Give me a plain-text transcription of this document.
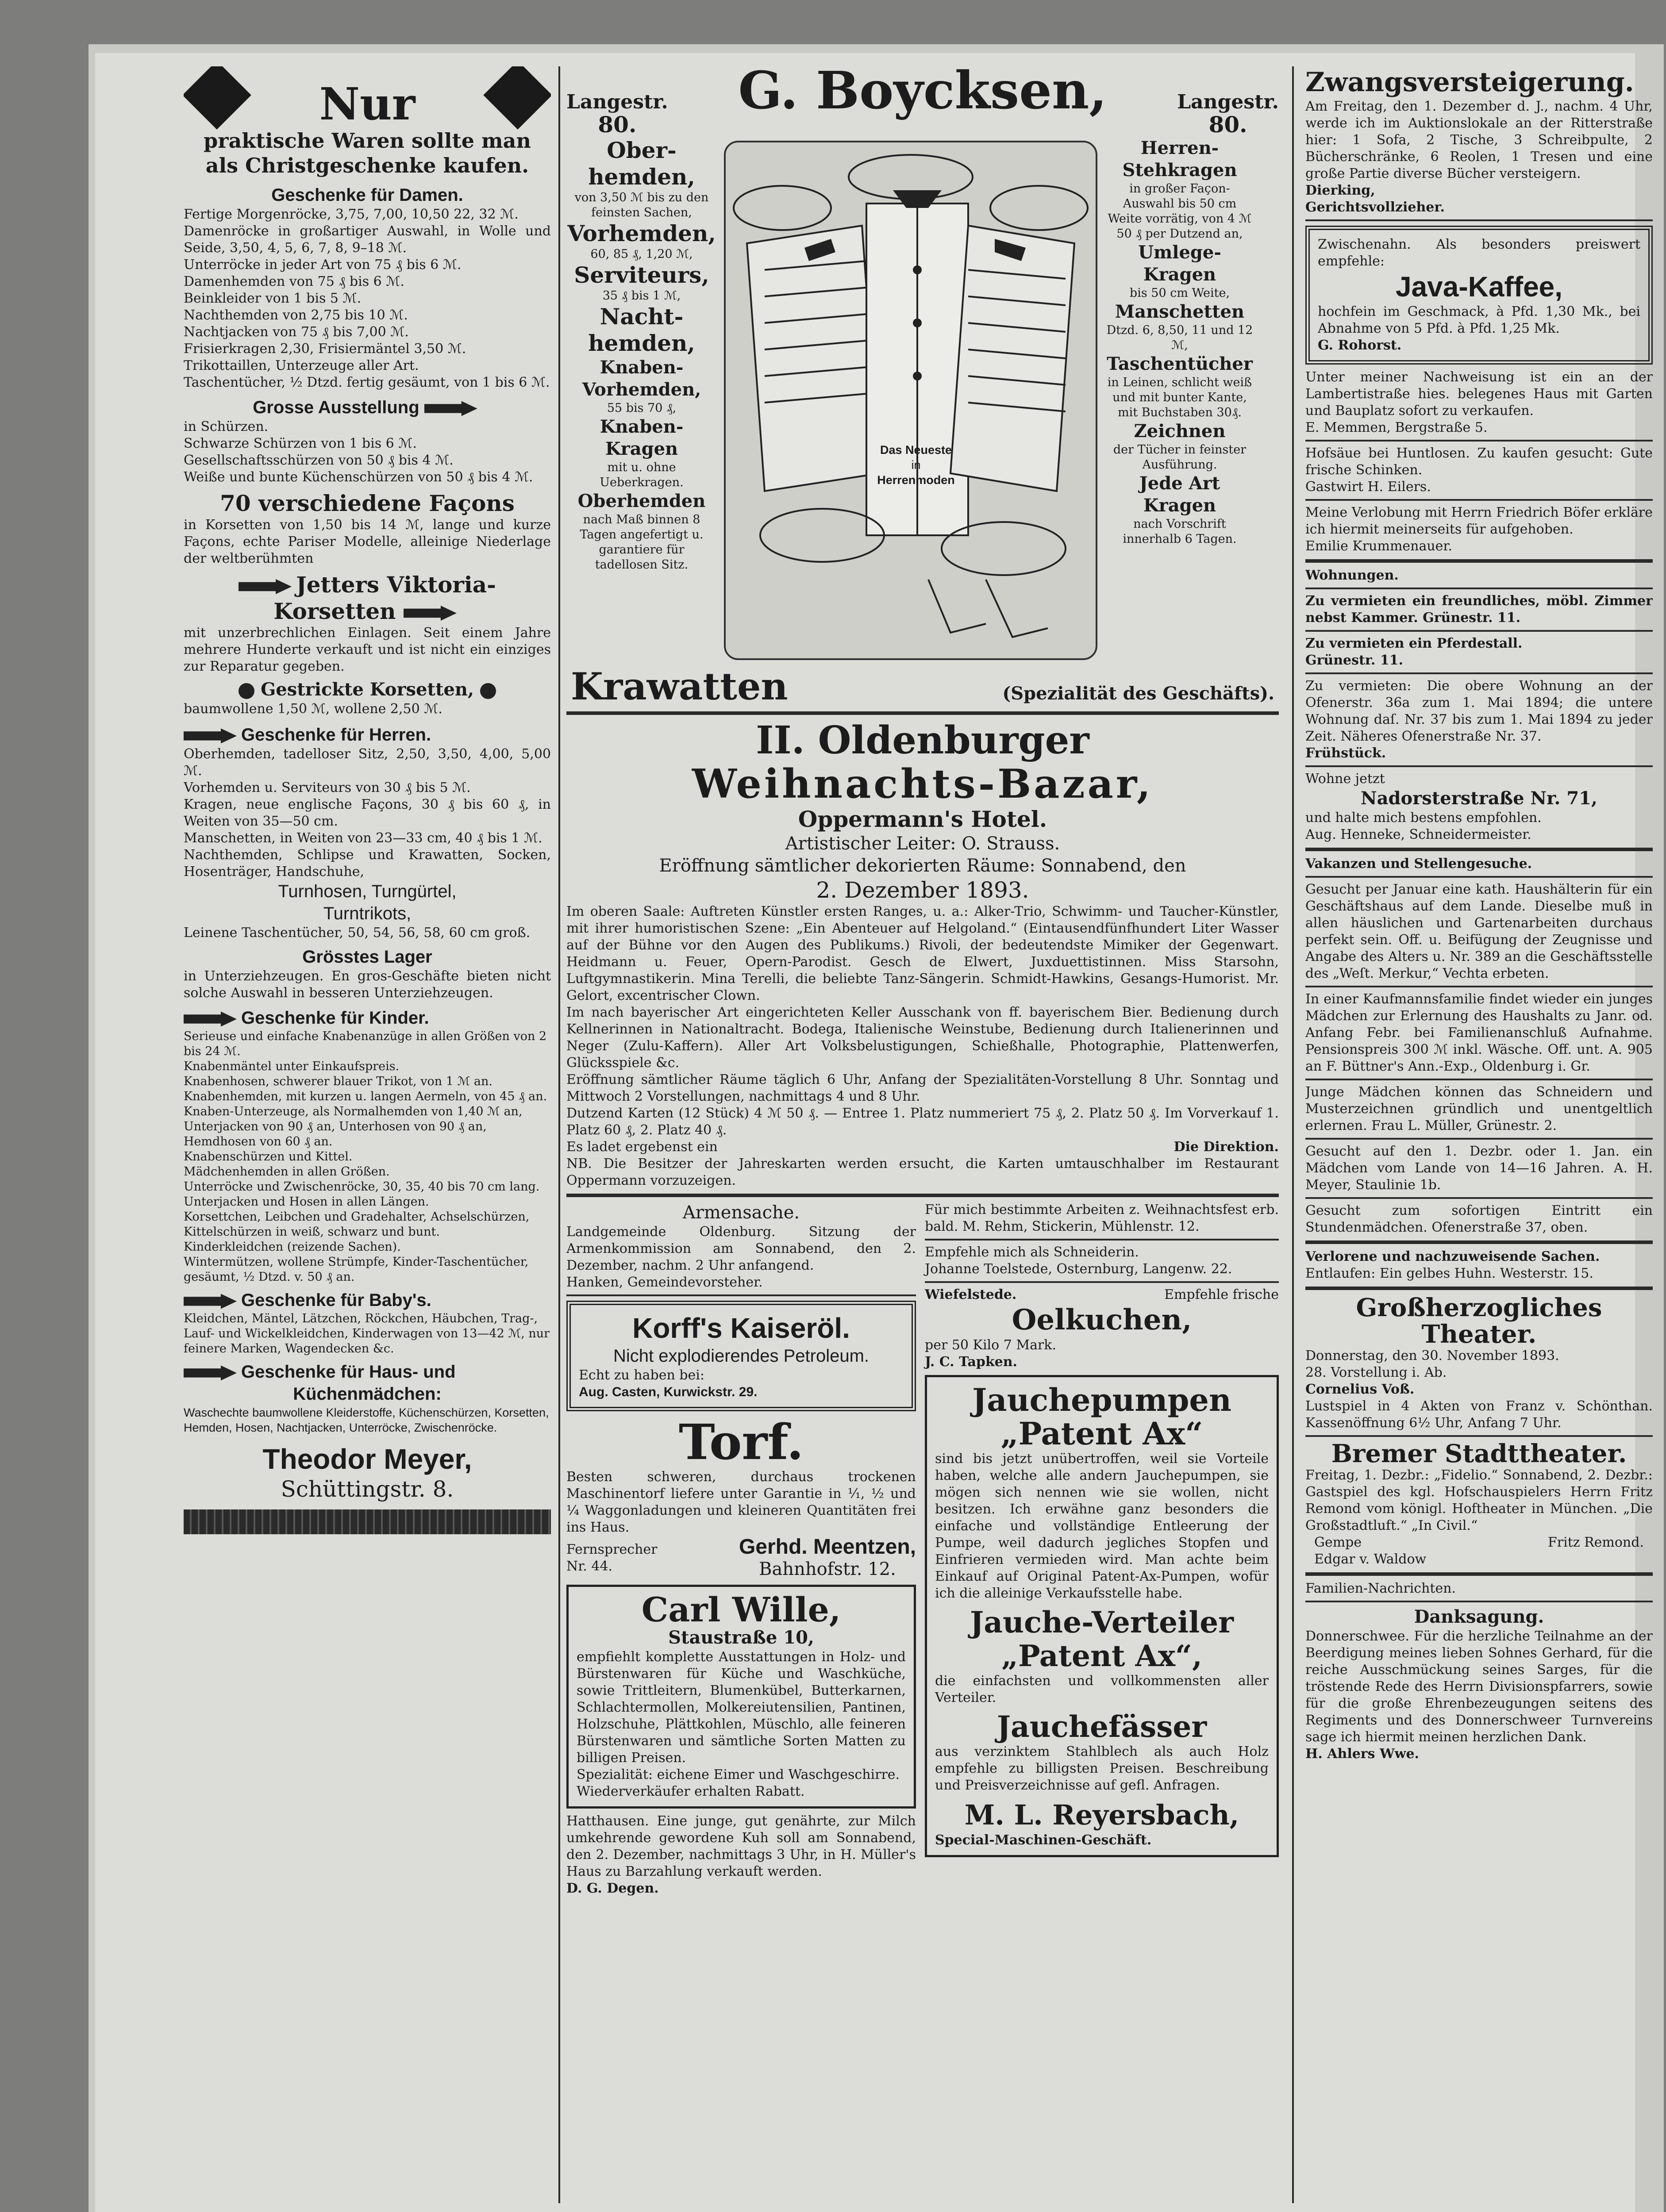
Nur

praktische Waren sollte man

als Christgeschenke kaufen.

Geschenke für Damen.

Fertige Morgenröcke, 3,75, 7,00, 10,50 22, 32 ℳ.

Damenröcke in großartiger Auswahl, in Wolle und Seide, 3,50, 4, 5, 6, 7, 8, 9–18 ℳ.

Unterröcke in jeder Art von 75 ₰ bis 6 ℳ.

Damenhemden von 75 ₰ bis 6 ℳ.

Beinkleider von 1 bis 5 ℳ.

Nachthemden von 2,75 bis 10 ℳ.

Nachtjacken von 75 ₰ bis 7,00 ℳ.

Frisierkragen 2,30, Frisiermäntel 3,50 ℳ.

Trikottaillen, Unterzeuge aller Art.

Taschentücher, ½ Dtzd. fertig gesäumt, von 1 bis 6 ℳ.

Grosse Ausstellung

in Schürzen.

Schwarze Schürzen von 1 bis 6 ℳ.

Gesellschaftsschürzen von 50 ₰ bis 4 ℳ.

Weiße und bunte Küchenschürzen von 50 ₰ bis 4 ℳ.

70 verschiedene Façons

in Korsetten von 1,50 bis 14 ℳ, lange und kurze Façons, echte Pariser Modelle, alleinige Niederlage der weltberühmten

Jetters Viktoria-

Korsetten

mit unzerbrechlichen Einlagen. Seit einem Jahre mehrere Hunderte verkauft und ist nicht ein einziges zur Reparatur gegeben.

Gestrickte Korsetten,

baumwollene 1,50 ℳ, wollene 2,50 ℳ.

Geschenke für Herren.

Oberhemden, tadelloser Sitz, 2,50, 3,50, 4,00, 5,00 ℳ.

Vorhemden u. Serviteurs von 30 ₰ bis 5 ℳ.

Kragen, neue englische Façons, 30 ₰ bis 60 ₰, in Weiten von 35—50 cm.

Manschetten, in Weiten von 23—33 cm, 40 ₰ bis 1 ℳ.

Nachthemden, Schlipse und Krawatten, Socken, Hosenträger, Handschuhe,

Turnhosen, Turngürtel,

Turntrikots,

Leinene Taschentücher, 50, 54, 56, 58, 60 cm groß.

Grösstes Lager

in Unterziehzeugen. En gros-Geschäfte bieten nicht solche Auswahl in besseren Unterziehzeugen.

Geschenke für Kinder.

Serieuse und einfache Knabenanzüge in allen Größen von 2 bis 24 ℳ.

Knabenmäntel unter Einkaufspreis.

Knabenhosen, schwerer blauer Trikot, von 1 ℳ an.

Knabenhemden, mit kurzen u. langen Aermeln, von 45 ₰ an.

Knaben-Unterzeuge, als Normalhemden von 1,40 ℳ an, Unterjacken von 90 ₰ an, Unterhosen von 90 ₰ an, Hemdhosen von 60 ₰ an.

Knabenschürzen und Kittel.

Mädchenhemden in allen Größen.

Unterröcke und Zwischenröcke, 30, 35, 40 bis 70 cm lang.

Unterjacken und Hosen in allen Längen.

Korsettchen, Leibchen und Gradehalter, Achselschürzen, Kittelschürzen in weiß, schwarz und bunt.

Kinderkleidchen (reizende Sachen).

Wintermützen, wollene Strümpfe, Kinder-Taschentücher, gesäumt, ½ Dtzd. v. 50 ₰ an.

Geschenke für Baby's.

Kleidchen, Mäntel, Lätzchen, Röckchen, Häubchen, Trag-, Lauf- und Wickelkleidchen, Kinderwagen von 13—42 ℳ, nur feinere Marken, Wagendecken &c.

Geschenke für Haus- und

Küchenmädchen:

Waschechte baumwollene Kleiderstoffe, Küchenschürzen, Korsetten, Hemden, Hosen, Nachtjacken, Unterröcke, Zwischenröcke.

Theodor Meyer,

Schüttingstr. 8.

Langestr.

80.

G. Boycksen,	Langestr.

80.

Ober-

hemden,

von 3,50 ℳ bis zu den feinsten Sachen,

Vorhemden,

60, 85 ₰, 1,20 ℳ,

Serviteurs,

35 ₰ bis 1 ℳ,

Nacht-

hemden,

Knaben-

Vorhemden,

55 bis 70 ₰,

Knaben-Kragen

mit u. ohne Ueberkragen.

Oberhemden

nach Maß binnen 8 Tagen angefertigt u. garantiere für tadellosen Sitz.

Herren-

Stehkragen

in großer Façon-Auswahl bis 50 cm Weite vorrätig, von 4 ℳ 50 ₰ per Dutzend an,

Umlege-Kragen

bis 50 cm Weite,

Manschetten

Dtzd. 6, 8,50, 11 und 12 ℳ,

Taschentücher

in Leinen, schlicht weiß und mit bunter Kante, mit Buchstaben 30₰.

Zeichnen

der Tücher in feinster Ausführung.

Jede Art

Kragen

nach Vorschrift innerhalb 6 Tagen.

Das Neueste

in

Herrenmoden

Krawatten	(Spezialität des Geschäfts).

II. Oldenburger

Weihnachts-Bazar,

Oppermann's Hotel.

Artistischer Leiter: O. Strauss.

Eröffnung sämtlicher dekorierten Räume: Sonnabend, den

2. Dezember 1893.

Im oberen Saale: Auftreten Künstler ersten Ranges, u. a.: Alker-Trio, Schwimm- und Taucher-Künstler, mit ihrer humoristischen Szene: „Ein Abenteuer auf Helgoland.“ (Eintausendfünfhundert Liter Wasser auf der Bühne vor den Augen des Publikums.) Rivoli, der bedeutendste Mimiker der Gegenwart. Heidmann u. Feuer, Opern-Parodist. Gesch de Elwert, Juxduettistinnen. Miss Starsohn, Luftgymnastikerin. Mina Terelli, die beliebte Tanz-Sängerin. Schmidt-Hawkins, Gesangs-Humorist. Mr. Gelort, excentrischer Clown.

Im nach bayerischer Art eingerichteten Keller Ausschank von ff. bayerischem Bier. Bedienung durch Kellnerinnen in Nationaltracht. Bodega, Italienische Weinstube, Bedienung durch Italienerinnen und Neger (Zulu-Kaffern). Aller Art Volksbelustigungen, Schießhalle, Photographie, Plattenwerfen, Glücksspiele &c.

Eröffnung sämtlicher Räume täglich 6 Uhr, Anfang der Spezialitäten-Vorstellung 8 Uhr. Sonntag und Mittwoch 2 Vorstellungen, nachmittags 4 und 8 Uhr.

Dutzend Karten (12 Stück) 4 ℳ 50 ₰. — Entree 1. Platz nummeriert 75 ₰, 2. Platz 50 ₰. Im Vorverkauf 1. Platz 60 ₰, 2. Platz 40 ₰.

Es ladet ergebenst ein	Die Direktion.

NB. Die Besitzer der Jahreskarten werden ersucht, die Karten umtauschhalber im Restaurant Oppermann vorzuzeigen.

Armensache.

Landgemeinde Oldenburg. Sitzung der Armenkommission am Sonnabend, den 2. Dezember, nachm. 2 Uhr anfangend.

Hanken, Gemeindevorsteher.

Korff's Kaiseröl.

Nicht explodierendes Petroleum.

Echt zu haben bei:

Aug. Casten, Kurwickstr. 29.

Torf.

Besten schweren, durchaus trockenen Maschinentorf liefere unter Garantie in ¹⁄₁, ½ und ¼ Waggonladungen und kleineren Quantitäten frei ins Haus.

Fernsprecher

Nr. 44.

Gerhd. Meentzen,

Bahnhofstr. 12.

Carl Wille,

Staustraße 10,

empfiehlt komplette Ausstattungen in Holz- und Bürstenwaren für Küche und Waschküche, sowie Trittleitern, Blumenkübel, Butterkarnen, Schlachtermollen, Molkereiutensilien, Pantinen, Holzschuhe, Plättkohlen, Müschlo, alle feineren Bürstenwaren und sämtliche Sorten Matten zu billigen Preisen.

Spezialität: eichene Eimer und Waschgeschirre.

Wiederverkäufer erhalten Rabatt.

Hatthausen. Eine junge, gut genährte, zur Milch umkehrende gewordene Kuh soll am Sonnabend, den 2. Dezember, nachmittags 3 Uhr, in H. Müller's Haus zu Barzahlung verkauft werden.

D. G. Degen.

Für mich bestimmte Arbeiten z. Weihnachtsfest erb. bald. M. Rehm, Stickerin, Mühlenstr. 12.

Empfehle mich als Schneiderin.

Johanne Toelstede, Osternburg, Langenw. 22.

Wiefelstede.	Empfehle frische

Oelkuchen,

per 50 Kilo 7 Mark.

J. C. Tapken.

Jauchepumpen

„Patent Ax“

sind bis jetzt unübertroffen, weil sie Vorteile haben, welche alle andern Jauchepumpen, sie mögen sich nennen wie sie wollen, nicht besitzen. Ich erwähne ganz besonders die einfache und vollständige Entleerung der Pumpe, weil dadurch jegliches Stopfen und Einfrieren vermieden wird. Man achte beim Einkauf auf Original Patent-Ax-Pumpen, wofür ich die alleinige Verkaufsstelle habe.

Jauche-Verteiler

„Patent Ax“,

die einfachsten und vollkommensten aller Verteiler.

Jauchefässer

aus verzinktem Stahlblech als auch Holz empfehle zu billigsten Preisen. Beschreibung und Preisverzeichnisse auf gefl. Anfragen.

M. L. Reyersbach,

Special-Maschinen-Geschäft.

Zwangsversteigerung.

Am Freitag, den 1. Dezember d. J., nachm. 4 Uhr, werde ich im Auktionslokale an der Ritterstraße hier: 1 Sofa, 2 Tische, 3 Schreibpulte, 2 Bücherschränke, 6 Reolen, 1 Tresen und eine große Partie diverse Bücher versteigern.

Dierking,

Gerichtsvollzieher.

Zwischenahn. Als besonders preiswert empfehle:

Java-Kaffee,

hochfein im Geschmack, à Pfd. 1,30 Mk., bei Abnahme von 5 Pfd. à Pfd. 1,25 Mk.

G. Rohorst.

Unter meiner Nachweisung ist ein an der Lambertistraße hies. belegenes Haus mit Garten und Bauplatz sofort zu verkaufen.

E. Memmen, Bergstraße 5.

Hofsäue bei Huntlosen. Zu kaufen gesucht: Gute frische Schinken.

Gastwirt H. Eilers.

Meine Verlobung mit Herrn Friedrich Böfer erkläre ich hiermit meinerseits für aufgehoben.

Emilie Krummenauer.

Wohnungen.

Zu vermieten ein freundliches, möbl. Zimmer nebst Kammer. Grünestr. 11.

Zu vermieten ein Pferdestall.

Grünestr. 11.

Zu vermieten: Die obere Wohnung an der Ofenerstr. 36a zum 1. Mai 1894; die untere Wohnung daſ. Nr. 37 bis zum 1. Mai 1894 zu jeder Zeit. Näheres Ofenerstraße Nr. 37.

Frühstück.

Wohne jetzt

Nadorsterstraße Nr. 71,

und halte mich bestens empfohlen.

Aug. Henneke, Schneidermeister.

Vakanzen und Stellengesuche.

Gesucht per Januar eine kath. Haushälterin für ein Geschäftshaus auf dem Lande. Dieselbe muß in allen häuslichen und Gartenarbeiten durchaus perfekt sein. Off. u. Beifügung der Zeugnisse und Angabe des Alters u. Nr. 389 an die Geschäftsstelle des „Weſt. Merkur,“ Vechta erbeten.

In einer Kaufmannsfamilie findet wieder ein junges Mädchen zur Erlernung des Haushalts zu Janr. od. Anfang Febr. bei Familienanschluß Aufnahme. Pensionspreis 300 ℳ inkl. Wäsche. Off. unt. A. 905 an F. Büttner's Ann.-Exp., Oldenburg i. Gr.

Junge Mädchen können das Schneidern und Musterzeichnen gründlich und unentgeltlich erlernen. Frau L. Müller, Grünestr. 2.

Gesucht auf den 1. Dezbr. oder 1. Jan. ein Mädchen vom Lande von 14—16 Jahren. A. H. Meyer, Staulinie 1b.

Gesucht zum sofortigen Eintritt ein Stundenmädchen. Ofenerstraße 37, oben.

Verlorene und nachzuweisende Sachen.

Entlaufen: Ein gelbes Huhn. Westerstr. 15.

Großherzogliches Theater.

Donnerstag, den 30. November 1893.

28. Vorstellung i. Ab.

Cornelius Voß.

Lustspiel in 4 Akten von Franz v. Schönthan. Kassenöffnung 6½ Uhr, Anfang 7 Uhr.

Bremer Stadttheater.

Freitag, 1. Dezbr.: „Fidelio.“ Sonnabend, 2. Dezbr.: Gastspiel des kgl. Hofschauspielers Herrn Fritz Remond vom königl. Hoftheater in München. „Die Großstadtluft.“ „In Civil.“

Gempe

Edgar v. Waldow

Fritz Remond.

Familien-Nachrichten.

Danksagung.

Donnerschwee. Für die herzliche Teilnahme an der Beerdigung meines lieben Sohnes Gerhard, für die reiche Ausschmückung seines Sarges, für die tröstende Rede des Herrn Divisionspfarrers, sowie für die große Ehrenbezeugungen seitens des Regiments und des Donnerschweer Turnvereins sage ich hiermit meinen herzlichen Dank.

H. Ahlers Wwe.
